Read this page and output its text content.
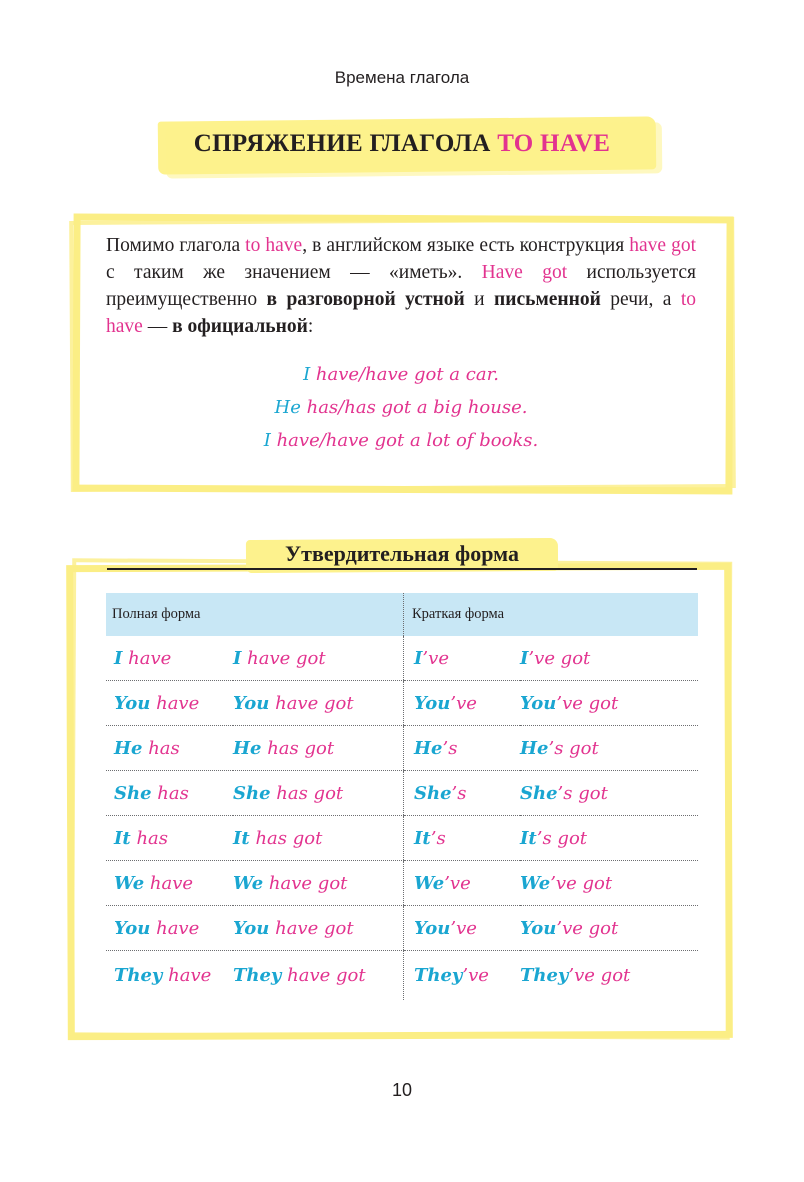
Времена глагола
СПРЯЖЕНИЕ ГЛАГОЛА TO HAVE

Помимо глагола to have, в английском языке есть конструкция have got с таким же значением — «иметь». Have got используется преимущественно в разговорной устной и письменной речи, а to have — в официальной:

I have/have got a car.
He has/has got a big house.
I have/have got a lot of books.
Утвердительная форма
Полная форма		Краткая форма	
I have	I have got	I’ve	I’ve got
You have	You have got	You’ve	You’ve got
He has	He has got	He’s	He’s got
She has	She has got	She’s	She’s got
It has	It has got	It’s	It’s got
We have	We have got	We’ve	We’ve got
You have	You have got	You’ve	You’ve got
They have	They have got	They’ve	They’ve got
10
